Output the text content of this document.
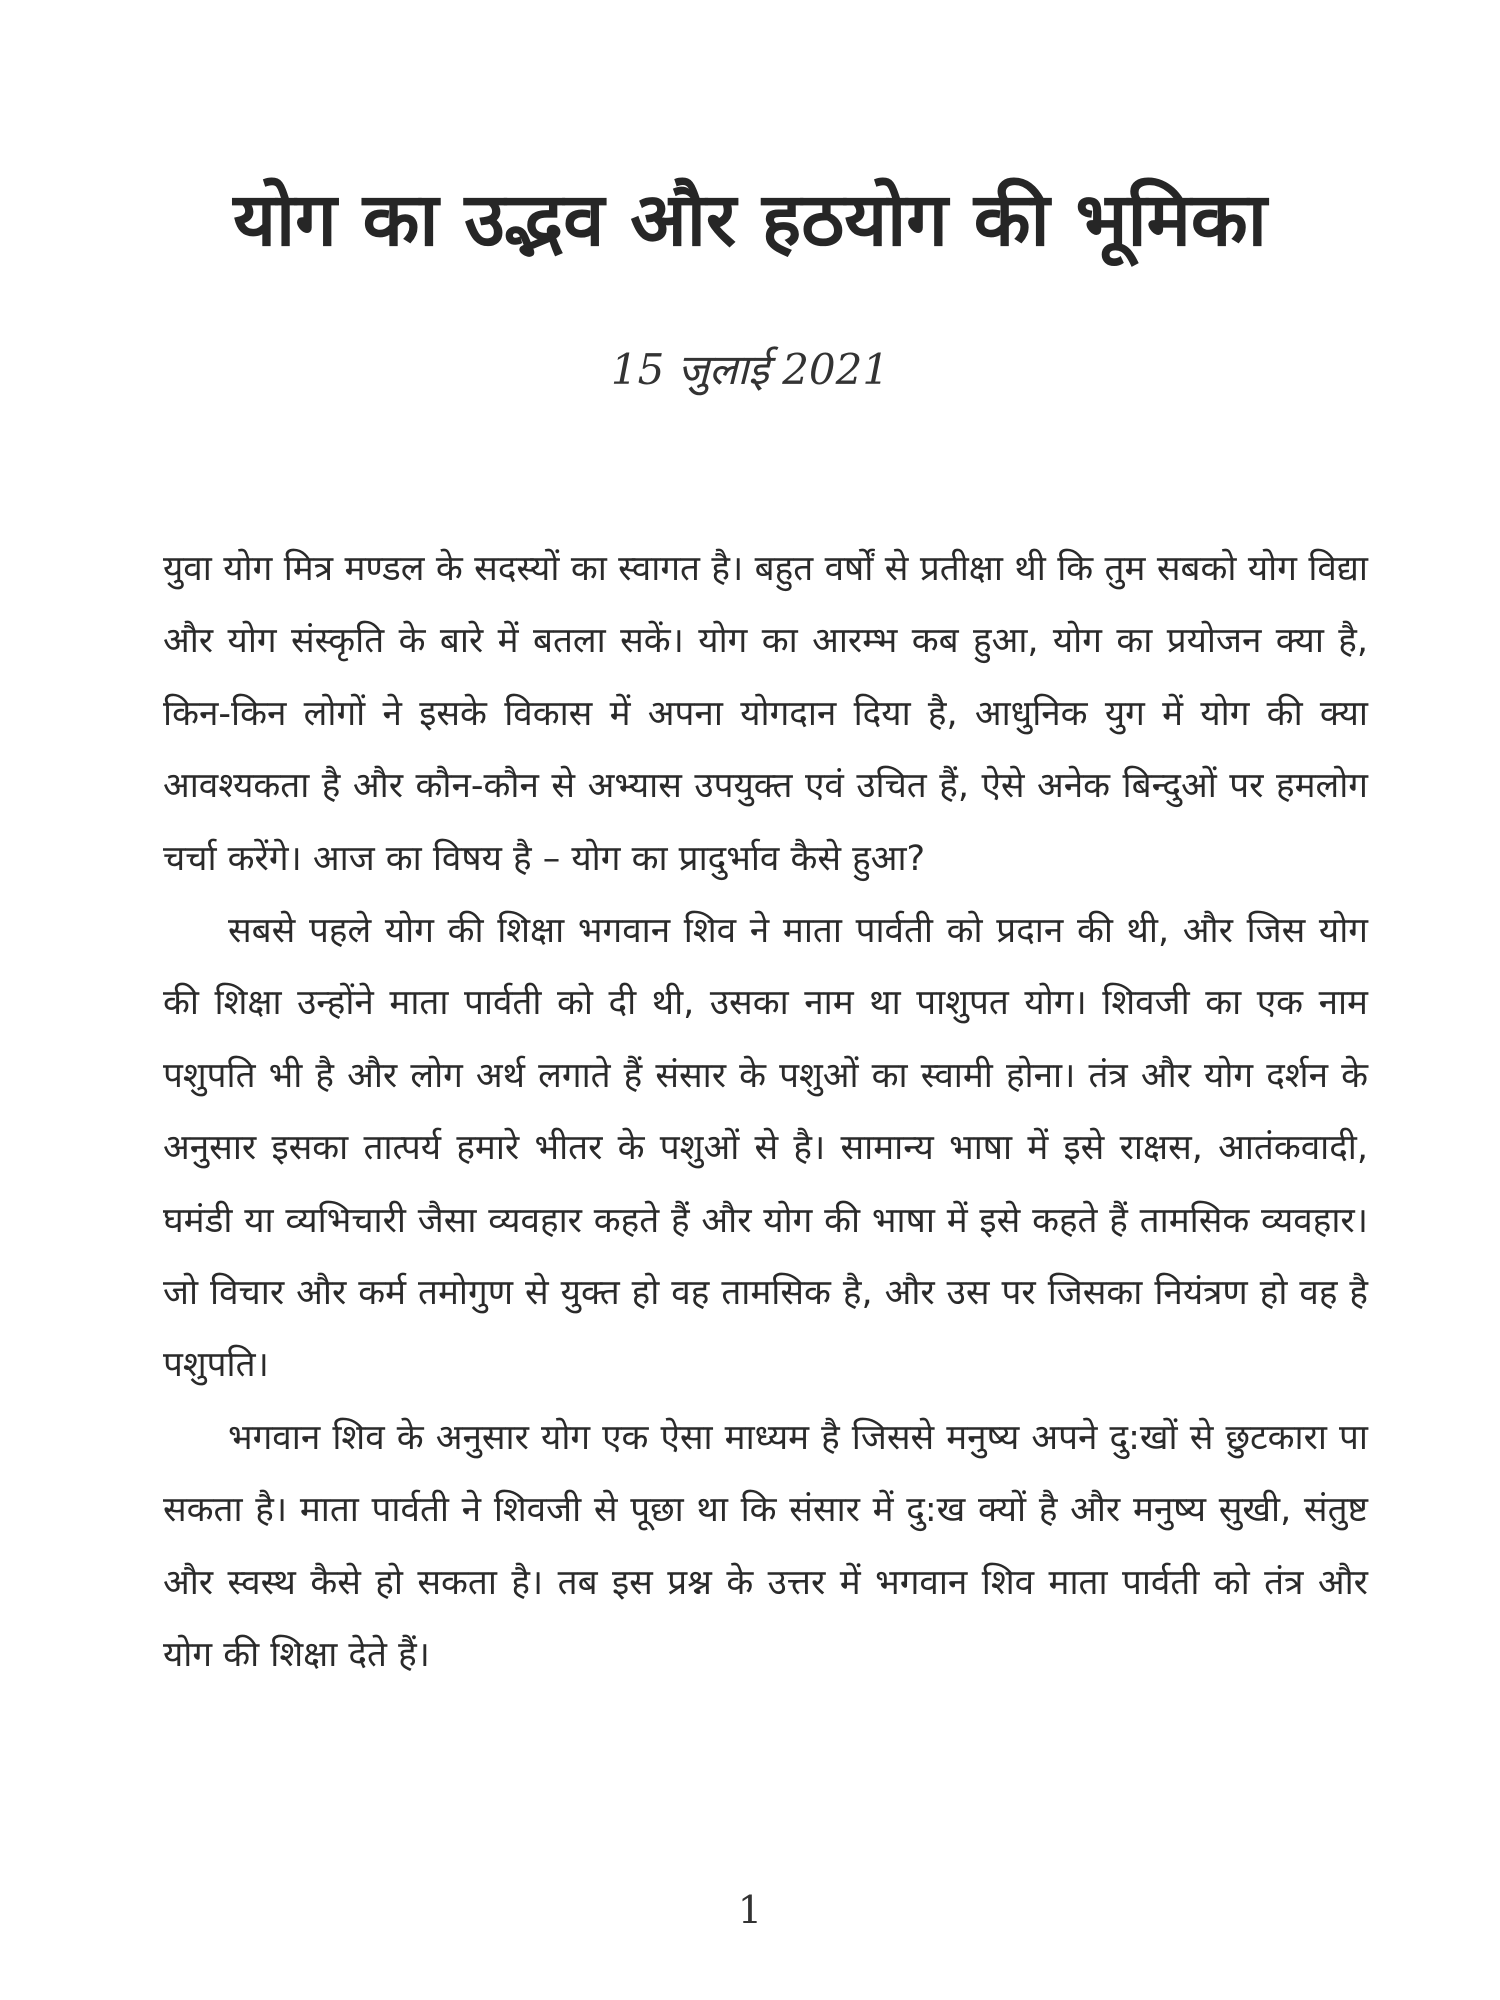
योग का उद्भव और हठयोग की भूमिका
15 जुलाई 2021

युवा योग मित्र मण्डल के सदस्यों का स्वागत है। बहुत वर्षों से प्रतीक्षा थी कि तुम सबको योग विद्या और योग संस्कृति के बारे में बतला सकें। योग का आरम्भ कब हुआ, योग का प्रयोजन क्या है, किन-किन लोगों ने इसके विकास में अपना योगदान दिया है, आधुनिक युग में योग की क्या आवश्यकता है और कौन-कौन से अभ्यास उपयुक्त एवं उचित हैं, ऐसे अनेक बिन्दुओं पर हमलोग चर्चा करेंगे। आज का विषय है – योग का प्रादुर्भाव कैसे हुआ?

सबसे पहले योग की शिक्षा भगवान शिव ने माता पार्वती को प्रदान की थी, और जिस योग की शिक्षा उन्होंने माता पार्वती को दी थी, उसका नाम था पाशुपत योग। शिवजी का एक नाम पशुपति भी है और लोग अर्थ लगाते हैं संसार के पशुओं का स्वामी होना। तंत्र और योग दर्शन के अनुसार इसका तात्पर्य हमारे भीतर के पशुओं से है। सामान्य भाषा में इसे राक्षस, आतंकवादी, घमंडी या व्यभिचारी जैसा व्यवहार कहते हैं और योग की भाषा में इसे कहते हैं तामसिक व्यवहार। जो विचार और कर्म तमोगुण से युक्त हो वह तामसिक है, और उस पर जिसका नियंत्रण हो वह है पशुपति।

भगवान शिव के अनुसार योग एक ऐसा माध्यम है जिससे मनुष्य अपने दु:खों से छुटकारा पा सकता है। माता पार्वती ने शिवजी से पूछा था कि संसार में दु:ख क्यों है और मनुष्य सुखी, संतुष्ट और स्वस्थ कैसे हो सकता है। तब इस प्रश्न के उत्तर में भगवान शिव माता पार्वती को तंत्र और योग की शिक्षा देते हैं।

1
